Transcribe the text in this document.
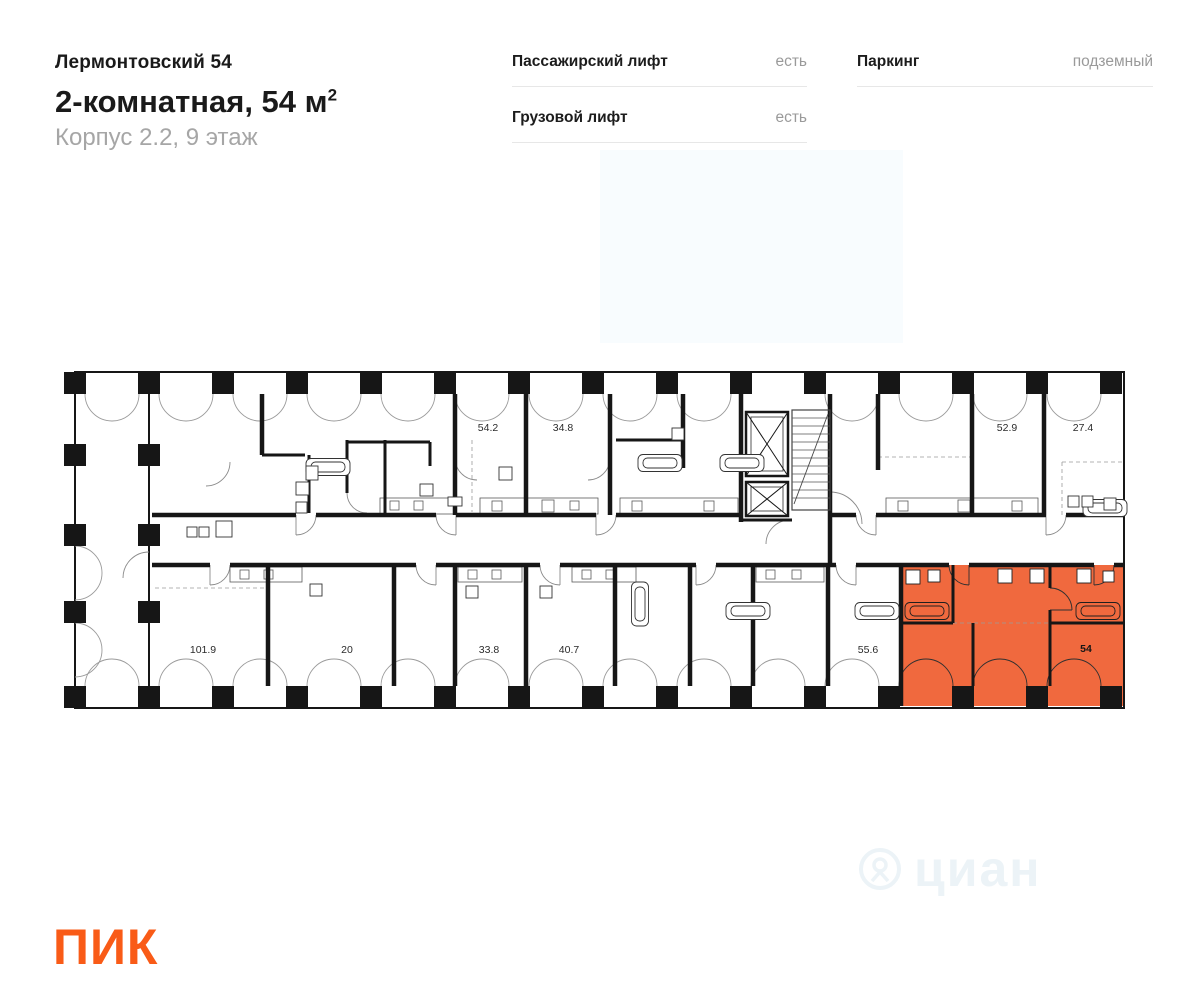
Лермонтовский 54
2-комнатная, 54 $м^2$
Корпус 2.2, 9 этаж
Пассажирский лифт	есть
Грузовой лифт	есть
Паркинг	подземный
54.2	34.8	52.9	27.4
101.9	20	33.8	40.7	55.6	54
циан
ПИК
